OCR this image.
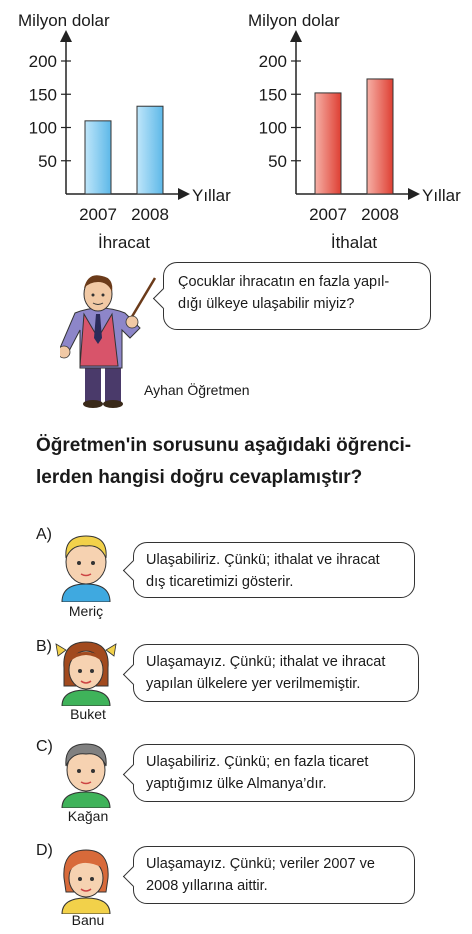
Milyon dolar
Yıllar
50
100
150
200
2007 2008
İhracat
Milyon dolar
Yıllar
50
100
150
200
2007 2008
İthalat
Çocuklar ihracatın en fazla yapıl-
dığı ülkeye ulaşabilir miyiz?
Ayhan Öğretmen
Öğretmen'in sorusunu aşağıdaki öğrenci-
lerden hangisi doğru cevaplamıştır?
A)
Meriç
Ulaşabiliriz. Çünkü; ithalat ve ihracat
dış ticaretimizi gösterir.
B)
Buket
Ulaşamayız. Çünkü; ithalat ve ihracat
yapılan ülkelere yer verilmemiştir.
C)
Kağan
Ulaşabiliriz. Çünkü; en fazla ticaret
yaptığımız ülke Almanya’dır.
D)
Banu
Ulaşamayız. Çünkü; veriler 2007 ve
2008 yıllarına aittir.
